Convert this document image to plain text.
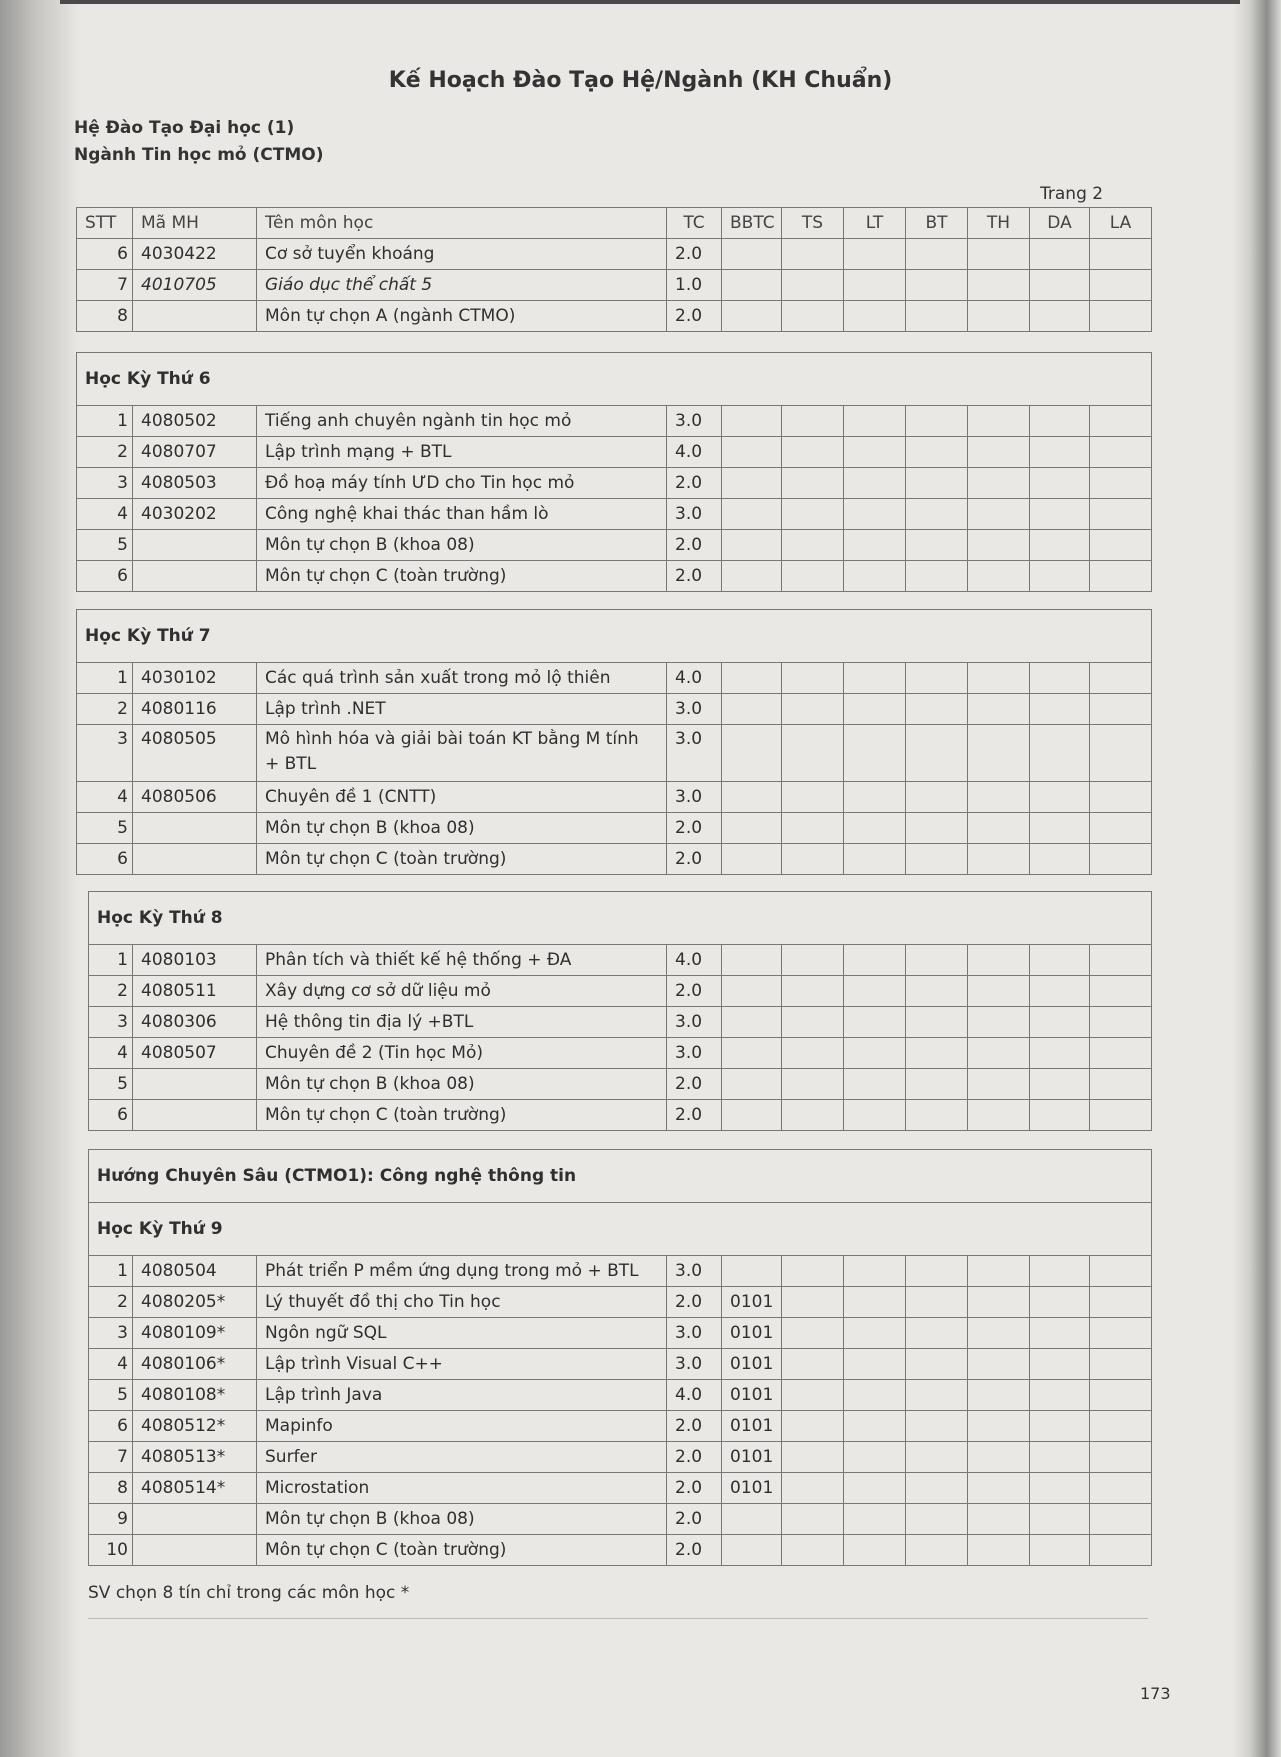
Kế Hoạch Đào Tạo Hệ/Ngành (KH Chuẩn)
Hệ Đào Tạo Đại học (1)
Ngành Tin học mỏ (CTMO)
Trang 2
STT	Mã MH	Tên môn học	TC	BBTC	TS	LT	BT	TH	DA	LA
6	4030422	Cơ sở tuyển khoáng	2.0							
7	4010705	Giáo dục thể chất 5	1.0							
8		Môn tự chọn A (ngành CTMO)	2.0							
Học Kỳ Thứ 6										
1	4080502	Tiếng anh chuyên ngành tin học mỏ	3.0							
2	4080707	Lập trình mạng + BTL	4.0							
3	4080503	Đồ hoạ máy tính ƯD cho Tin học mỏ	2.0							
4	4030202	Công nghệ khai thác than hầm lò	3.0							
5		Môn tự chọn B (khoa 08)	2.0							
6		Môn tự chọn C (toàn trường)	2.0							
Học Kỳ Thứ 7										
1	4030102	Các quá trình sản xuất trong mỏ lộ thiên	4.0							
2	4080116	Lập trình .NET	3.0							
3	4080505	Mô hình hóa và giải bài toán KT bằng M tính + BTL	3.0							
4	4080506	Chuyên đề 1 (CNTT)	3.0							
5		Môn tự chọn B (khoa 08)	2.0							
6		Môn tự chọn C (toàn trường)	2.0							
Học Kỳ Thứ 8										
1	4080103	Phân tích và thiết kế hệ thống + ĐA	4.0							
2	4080511	Xây dựng cơ sở dữ liệu mỏ	2.0							
3	4080306	Hệ thông tin địa lý +BTL	3.0							
4	4080507	Chuyên đề 2 (Tin học Mỏ)	3.0							
5		Môn tự chọn B (khoa 08)	2.0							
6		Môn tự chọn C (toàn trường)	2.0							
Hướng Chuyên Sâu (CTMO1): Công nghệ thông tin										
Học Kỳ Thứ 9										
1	4080504	Phát triển P mềm ứng dụng trong mỏ + BTL	3.0							
2	4080205*	Lý thuyết đồ thị cho Tin học	2.0	0101						
3	4080109*	Ngôn ngữ SQL	3.0	0101						
4	4080106*	Lập trình Visual C++	3.0	0101						
5	4080108*	Lập trình Java	4.0	0101						
6	4080512*	Mapinfo	2.0	0101						
7	4080513*	Surfer	2.0	0101						
8	4080514*	Microstation	2.0	0101						
9		Môn tự chọn B (khoa 08)	2.0							
10		Môn tự chọn C (toàn trường)	2.0							
SV chọn 8 tín chỉ trong các môn học *
173
